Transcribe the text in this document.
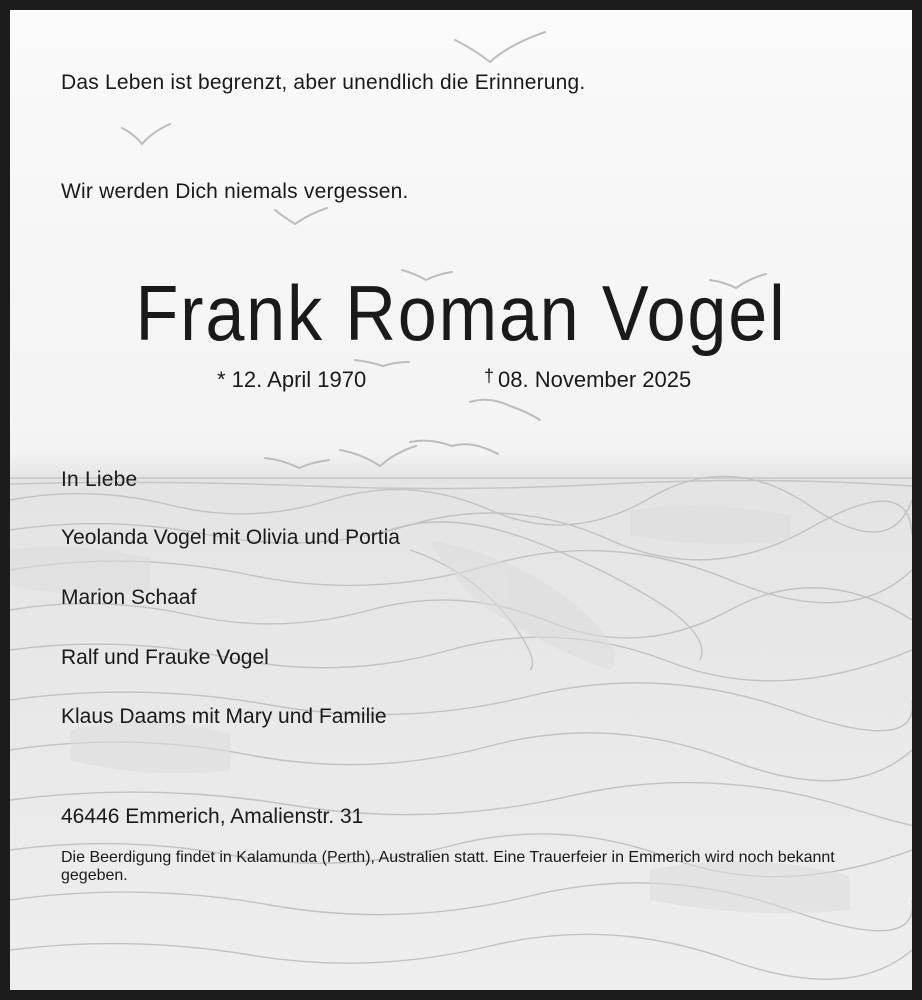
Das Leben ist begrenzt, aber unendlich die Erinnerung.
Wir werden Dich niemals vergessen.
Frank Roman Vogel
* 12. April 1970	† 08. November 2025
In Liebe
Yeolanda Vogel mit Olivia und Portia
Marion Schaaf
Ralf und Frauke Vogel
Klaus Daams mit Mary und Familie
46446 Emmerich, Amalienstr. 31
Die Beerdigung findet in Kalamunda (Perth), Australien statt. Eine Trauerfeier in Emmerich wird noch bekannt gegeben.
